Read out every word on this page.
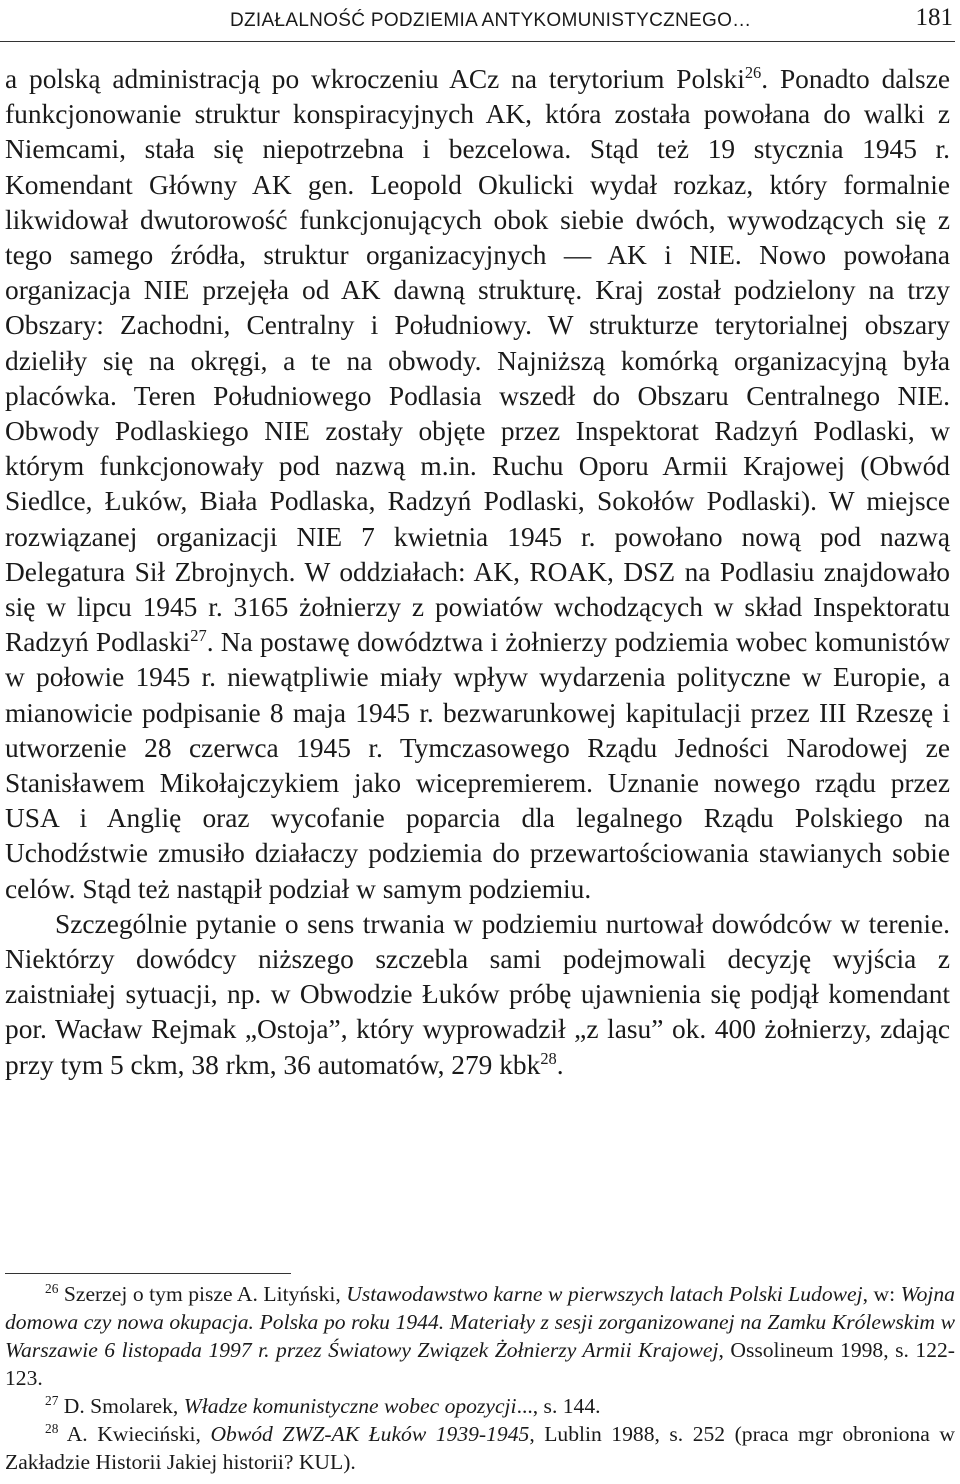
DZIAŁALNOŚĆ PODZIEMIA ANTYKOMUNISTYCZNEGO…	181

a polską administracją po wkroczeniu ACz na terytorium Polski$^{26}$. Ponadto dalsze funkcjonowanie struktur konspiracyjnych AK, która została powołana do walki z Niemcami, stała się niepotrzebna i bezcelowa. Stąd też 19 stycznia 1945 r. Komendant Główny AK gen. Leopold Okulicki wydał rozkaz, który formalnie likwidował dwutorowość funkcjonujących obok siebie dwóch, wywodzących się z tego samego źródła, struktur organizacyjnych — AK i NIE. Nowo powołana organizacja NIE przejęła od AK dawną strukturę. Kraj został podzielony na trzy Obszary: Zachodni, Centralny i Południowy. W strukturze terytorialnej obszary dzieliły się na okręgi, a te na obwody. Najniższą komórką organizacyjną była placówka. Teren Południowego Podlasia wszedł do Obszaru Centralnego NIE. Obwody Podlaskiego NIE zostały objęte przez Inspektorat Radzyń Podlaski, w którym funkcjonowały pod nazwą m.in. Ruchu Oporu Armii Krajowej (Obwód Siedlce, Łuków, Biała Podlaska, Radzyń Podlaski, Sokołów Podlaski). W miejsce rozwiązanej organizacji NIE 7 kwietnia 1945 r. powołano nową pod nazwą Delegatura Sił Zbrojnych. W oddziałach: AK, ROAK, DSZ na Podlasiu znajdowało się w lipcu 1945 r. 3165 żołnierzy z powiatów wchodzących w skład Inspektoratu Radzyń Podlaski$^{27}$. Na postawę dowództwa i żołnierzy podziemia wobec komunistów w połowie 1945 r. niewątpliwie miały wpływ wydarzenia polityczne w Europie, a mianowicie podpisanie 8 maja 1945 r. bezwarunkowej kapitulacji przez III Rzeszę i utworzenie 28 czerwca 1945 r. Tymczasowego Rządu Jedności Narodowej ze Stanisławem Mikołajczykiem jako wicepremierem. Uznanie nowego rządu przez USA i Anglię oraz wycofanie poparcia dla legalnego Rządu Polskiego na Uchodźstwie zmusiło działaczy podziemia do przewartościowania stawianych sobie celów. Stąd też nastąpił podział w samym podziemiu.

Szczególnie pytanie o sens trwania w podziemiu nurtował dowódców w terenie. Niektórzy dowódcy niższego szczebla sami podejmowali decyzję wyjścia z zaistniałej sytuacji, np. w Obwodzie Łuków próbę ujawnienia się podjął komendant por. Wacław Rejmak „Ostoja”, który wyprowadził „z lasu” ok. 400 żołnierzy, zdając przy tym 5 ckm, 38 rkm, 36 automatów, 279 kbk$^{28}$.

$^{26}$ Szerzej o tym pisze A. Lityński, Ustawodawstwo karne w pierwszych latach Polski Ludowej, w: Wojna domowa czy nowa okupacja. Polska po roku 1944. Materiały z sesji zorganizowanej na Zamku Królewskim w Warszawie 6 listopada 1997 r. przez Światowy Związek Żołnierzy Armii Krajowej, Ossolineum 1998, s. 122-123.

$^{27}$ D. Smolarek, Władze komunistyczne wobec opozycji..., s. 144.

$^{28}$ A. Kwieciński, Obwód ZWZ-AK Łuków 1939-1945, Lublin 1988, s. 252 (praca mgr obroniona w Zakładzie Historii Jakiej historii? KUL).
